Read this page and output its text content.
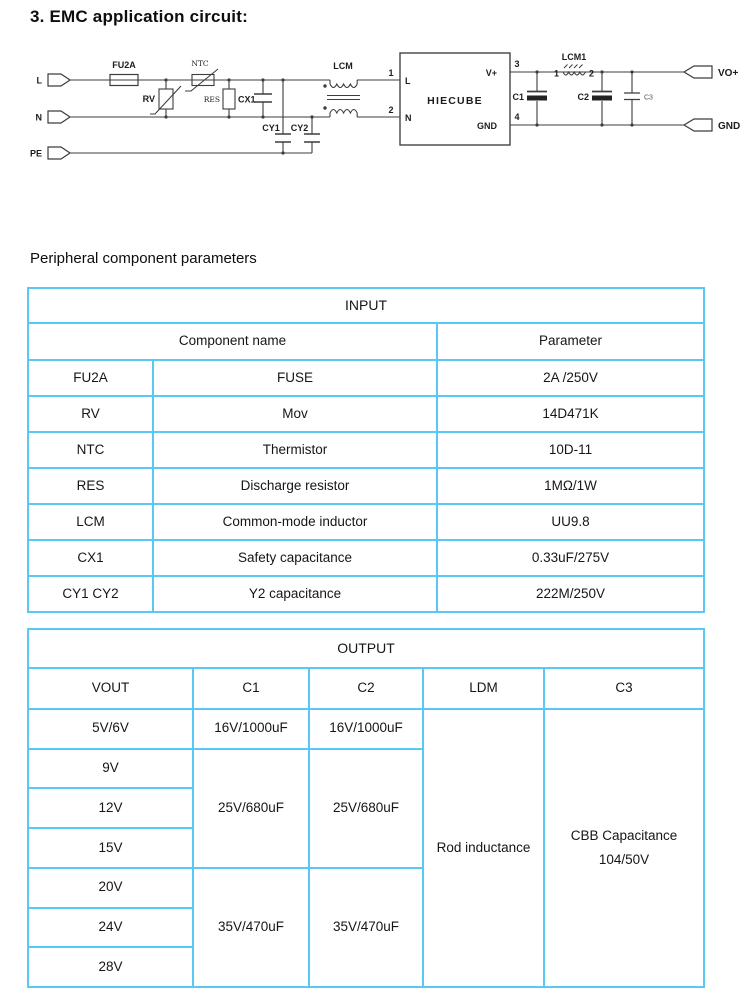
3. EMC application circuit:
L
N
PE
FU2A	NTC
RV	RES CX1
CY1 CY2
LCM
1
2
L
N
HIECUBE
V+
GND
3
4
LCM1
1	2
C1	C2	C3
VO+
GND
Peripheral component parameters
INPUT		
Component name		Parameter
FU2A	FUSE	2A /250V
RV	Mov	14D471K
NTC	Thermistor	10D-11
RES	Discharge resistor	1MΩ/1W
LCM	Common-mode inductor	UU9.8
CX1	Safety capacitance	0.33uF/275V
CY1 CY2	Y2 capacitance	222M/250V
OUTPUT				
VOUT	C1	C2	LDM	C3
5V/6V	16V/1000uF	16V/1000uF	Rod inductance	CBB Capacitance
104/50V

9V	25V/680uF	25V/680uF		
12V				
15V				
20V	35V/470uF	35V/470uF		
24V				
28V				
